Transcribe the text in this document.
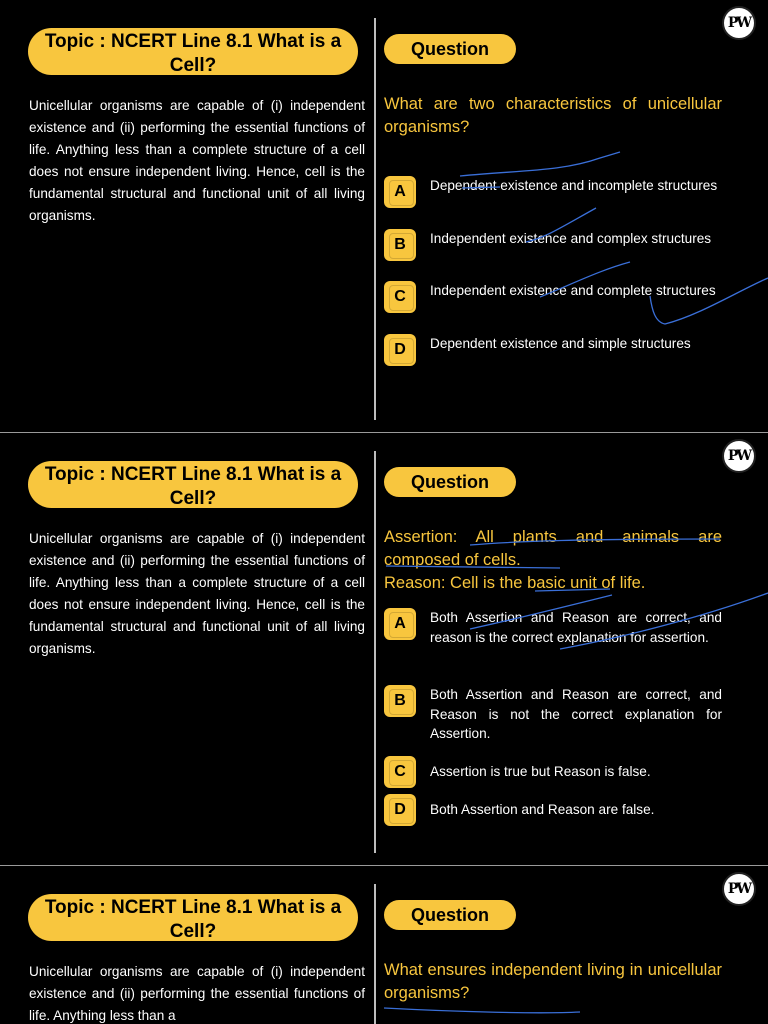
Topic : NCERT Line 8.1 What is a
Cell?
Question
PW
Unicellular organisms are capable of (i) independent existence and (ii) performing the essential functions of life. Anything less than a complete structure of a cell does not ensure independent living. Hence, cell is the fundamental structural and functional unit of all living organisms.
What are two characteristics of unicellular organisms?
A	Dependent existence and incomplete structures
B	Independent existence and complex structures
C	Independent existence and complete structures
D	Dependent existence and simple structures
Topic : NCERT Line 8.1 What is a
Cell?
Question
PW
Unicellular organisms are capable of (i) independent existence and (ii) performing the essential functions of life. Anything less than a complete structure of a cell does not ensure independent living. Hence, cell is the fundamental structural and functional unit of all living organisms.
Assertion: All plants and animals are composed of cells.
Reason: Cell is the basic unit of life.
A	Both Assertion and Reason are correct, and reason is the correct explanation for assertion.
B	Both Assertion and Reason are correct, and Reason is not the correct explanation for Assertion.
C	Assertion is true but Reason is false.
D	Both Assertion and Reason are false.
Topic : NCERT Line 8.1 What is a
Cell?
Question
PW
Unicellular organisms are capable of (i) independent existence and (ii) performing the essential functions of life. Anything less than a
What ensures independent living in unicellular organisms?
